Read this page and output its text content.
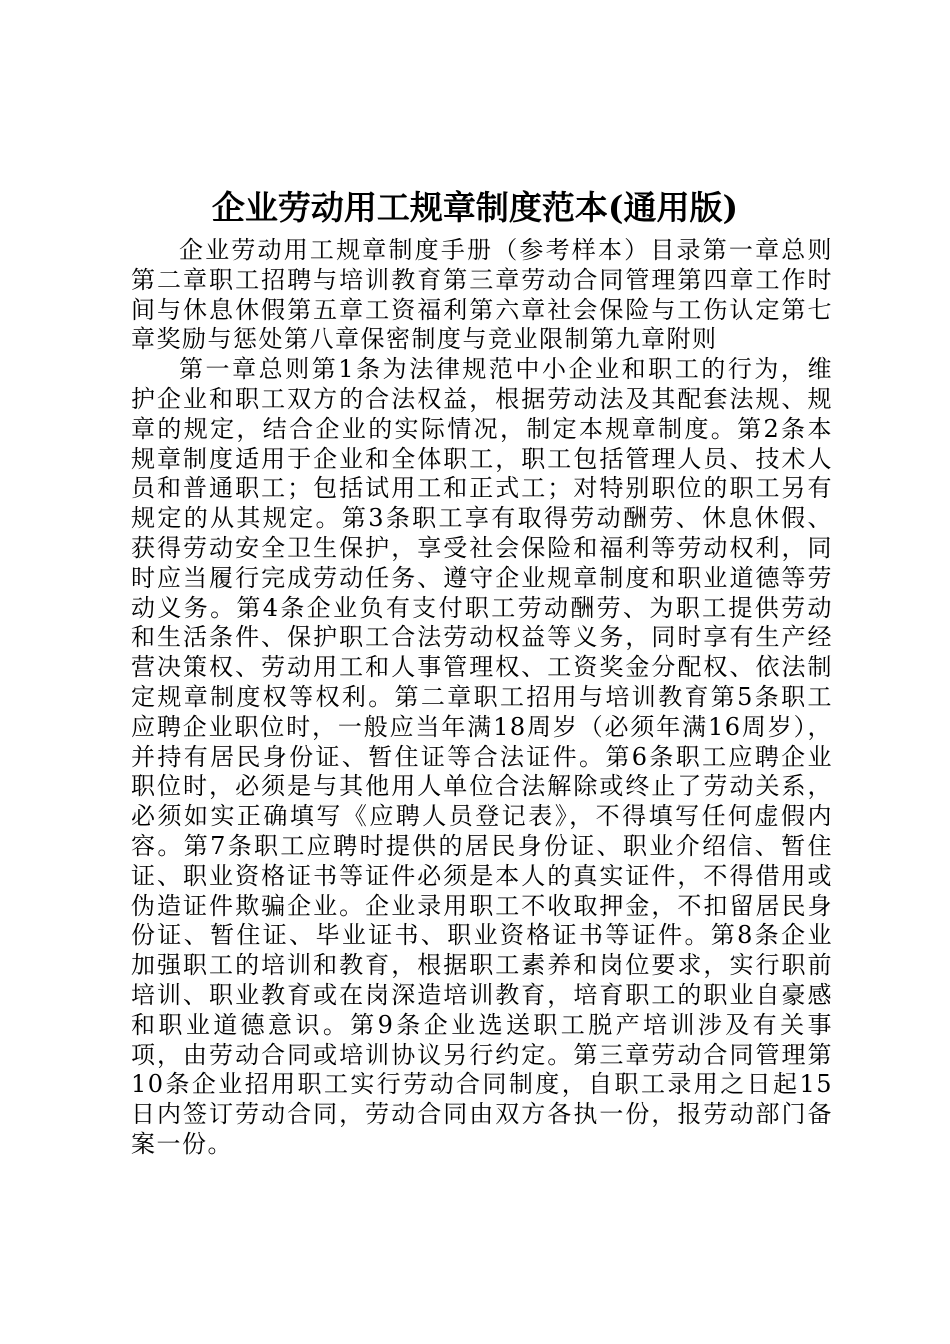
企业劳动用工规章制度范本(通用版)

企业劳动用工规章制度手册（参考样本）目录第一章总则第二章职工招聘与培训教育第三章劳动合同管理第四章工作时间与休息休假第五章工资福利第六章社会保险与工伤认定第七章奖励与惩处第八章保密制度与竞业限制第九章附则

第一章总则第1条为法律规范中小企业和职工的行为，维护企业和职工双方的合法权益，根据劳动法及其配套法规、规章的规定，结合企业的实际情况，制定本规章制度。第2条本规章制度适用于企业和全体职工，职工包括管理人员、技术人员和普通职工；包括试用工和正式工；对特别职位的职工另有规定的从其规定。第3条职工享有取得劳动酬劳、休息休假、获得劳动安全卫生保护，享受社会保险和福利等劳动权利，同时应当履行完成劳动任务、遵守企业规章制度和职业道德等劳动义务。第4条企业负有支付职工劳动酬劳、为职工提供劳动和生活条件、保护职工合法劳动权益等义务，同时享有生产经营决策权、劳动用工和人事管理权、工资奖金分配权、依法制定规章制度权等权利。第二章职工招用与培训教育第5条职工应聘企业职位时，一般应当年满18周岁（必须年满16周岁），并持有居民身份证、暂住证等合法证件。第6条职工应聘企业职位时，必须是与其他用人单位合法解除或终止了劳动关系，必须如实正确填写《应聘人员登记表》，不得填写任何虚假内容。第7条职工应聘时提供的居民身份证、职业介绍信、暂住证、职业资格证书等证件必须是本人的真实证件，不得借用或伪造证件欺骗企业。企业录用职工不收取押金，不扣留居民身份证、暂住证、毕业证书、职业资格证书等证件。第8条企业加强职工的培训和教育，根据职工素养和岗位要求，实行职前培训、职业教育或在岗深造培训教育，培育职工的职业自豪感和职业道德意识。第9条企业选送职工脱产培训涉及有关事项，由劳动合同或培训协议另行约定。第三章劳动合同管理第10条企业招用职工实行劳动合同制度，自职工录用之日起15日内签订劳动合同，劳动合同由双方各执一份，报劳动部门备案一份。
